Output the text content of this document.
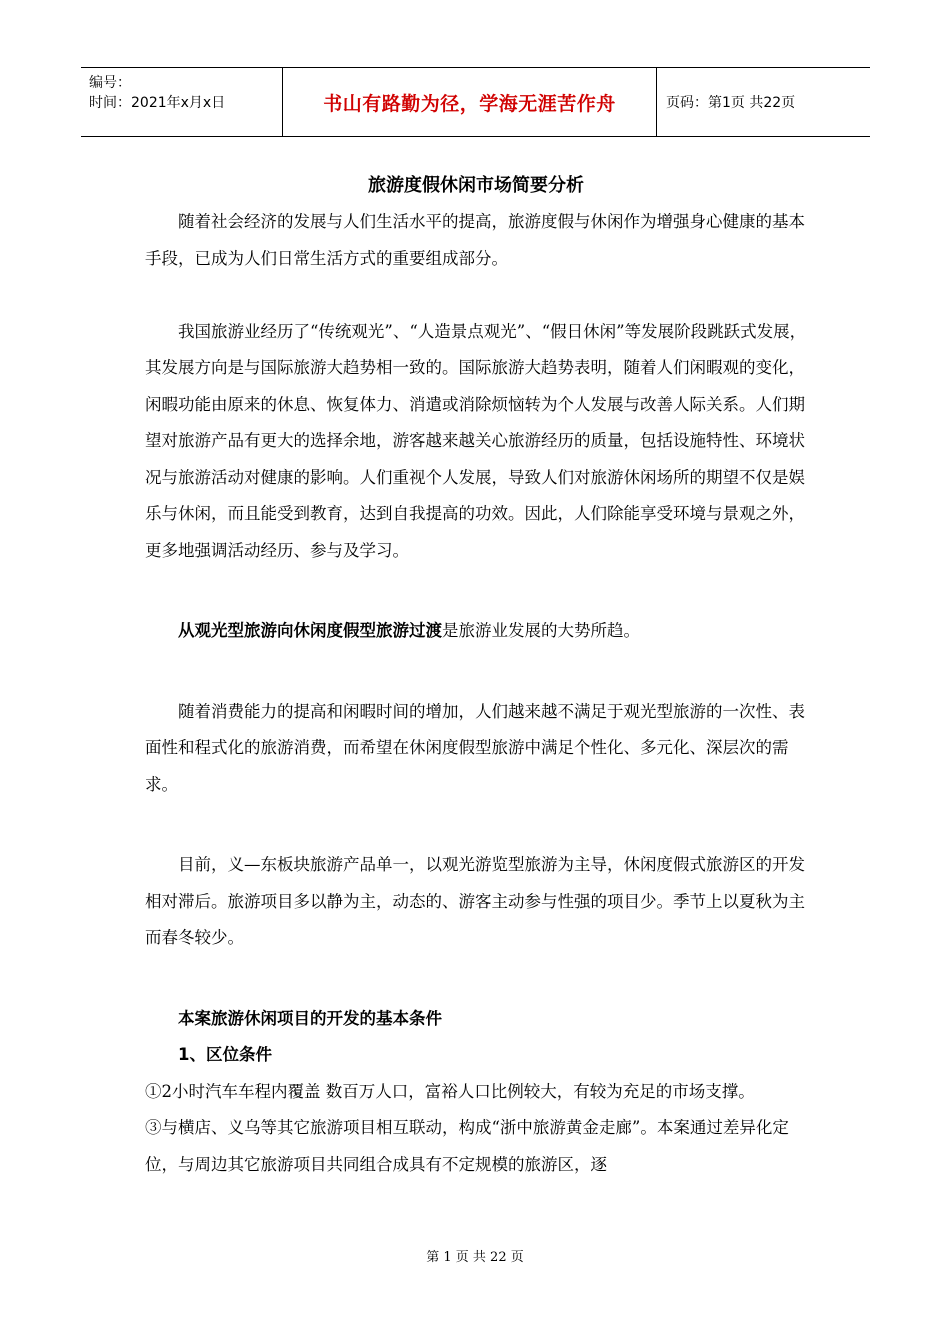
编号：
时间：2021年x月x日	书山有路勤为径，学海无涯苦作舟	页码：第1页 共22页
旅游度假休闲市场简要分析

随着社会经济的发展与人们生活水平的提高，旅游度假与休闲作为增强身心健康的基本手段，已成为人们日常生活方式的重要组成部分。

我国旅游业经历了“传统观光”、“人造景点观光”、“假日休闲”等发展阶段跳跃式发展，其发展方向是与国际旅游大趋势相一致的。国际旅游大趋势表明，随着人们闲暇观的变化，闲暇功能由原来的休息、恢复体力、消遣或消除烦恼转为个人发展与改善人际关系。人们期望对旅游产品有更大的选择余地，游客越来越关心旅游经历的质量，包括设施特性、环境状况与旅游活动对健康的影响。人们重视个人发展，导致人们对旅游休闲场所的期望不仅是娱乐与休闲，而且能受到教育，达到自我提高的功效。因此，人们除能享受环境与景观之外，更多地强调活动经历、参与及学习。

从观光型旅游向休闲度假型旅游过渡是旅游业发展的大势所趋。

随着消费能力的提高和闲暇时间的增加，人们越来越不满足于观光型旅游的一次性、表面性和程式化的旅游消费，而希望在休闲度假型旅游中满足个性化、多元化、深层次的需求。

目前，义—东板块旅游产品单一，以观光游览型旅游为主导，休闲度假式旅游区的开发相对滞后。旅游项目多以静为主，动态的、游客主动参与性强的项目少。季节上以夏秋为主而春冬较少。

本案旅游休闲项目的开发的基本条件

1、区位条件

①2小时汽车车程内覆盖 数百万人口，富裕人口比例较大，有较为充足的市场支撑。

③与横店、义乌等其它旅游项目相互联动，构成“浙中旅游黄金走廊”。本案通过差异化定位，与周边其它旅游项目共同组合成具有不定规模的旅游区，逐

第 1 页 共 22 页
